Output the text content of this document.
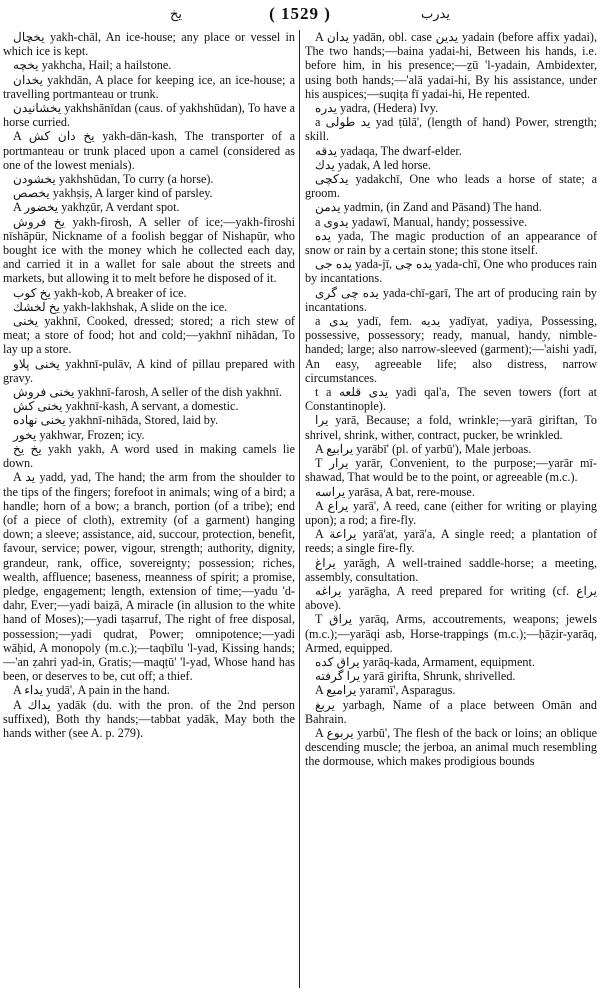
يخ	( 1529 )	يدرب

يخچال yakh-chāl, An ice-house; any place or vessel in which ice is kept.

يخچه yakhcha, Hail; a hailstone.

يخدان yakhdān, A place for keeping ice, an ice-house; a travelling portmanteau or trunk.

يخشانيدن yakhshānīdan (caus. of yakhshūdan), To have a horse curried.

A يخ دان كش yakh-dān-kash, The transporter of a portmanteau or trunk placed upon a camel (considered as one of the lowest menials).

يخشودن yakhshūdan, To curry (a horse).

يخصص yakhṣiṣ, A larger kind of parsley.

A يخضور yakhẓūr, A verdant spot.

يخ فروش yakh-firosh, A seller of ice;—yakh-firoshi nīshāpūr, Nickname of a foolish beggar of Nishapūr, who bought ice with the money which he collected each day, and carried it in a wallet for sale about the streets and markets, but allowing it to melt before he disposed of it.

يخ كوب yakh-kob, A breaker of ice.

يخ لخشك yakh-lakhshak, A slide on the ice.

يخنى yakhnī, Cooked, dressed; stored; a rich stew of meat; a store of food; hot and cold;—yakhnī nihādan, To lay up a store.

يخنى پلاو yakhnī-pulāv, A kind of pillau prepared with gravy.

يخنى فروش yakhnī-farosh, A seller of the dish yakhnī.

يخنى كش yakhnī-kash, A servant, a domestic.

يخنى نهاده yakhnī-nihāda, Stored, laid by.

يخور yakhwar, Frozen; icy.

يخ يخ yakh yakh, A word used in making camels lie down.

A يد yadd, yad, The hand; the arm from the shoulder to the tips of the fingers; forefoot in animals; wing of a bird; a handle; horn of a bow; a branch, portion (of a tribe); end (of a piece of cloth), extremity (of a garment) hanging down; a sleeve; assistance, aid, succour, protection, benefit, favour, service; power, vigour, strength; authority, dignity, grandeur, rank, office, sovereignty; possession; riches, wealth, affluence; baseness, meanness of spirit; a promise, pledge, engagement; length, extension of time;—yadu 'd-dahr, Ever;—yadi baiẓā, A miracle (in allusion to the white hand of Moses);—yadi taṣarruf, The right of free disposal, possession;—yadi qudrat, Power; omnipotence;—yadi wāḥid, A monopoly (m.c.);—taqbīlu 'l-yad, Kissing hands;—'an ẓahri yad-in, Gratis;—maqṭū' 'l-yad, Whose hand has been, or deserves to be, cut off; a thief.

A يداء yudā', A pain in the hand.

A يداك yadāk (du. with the pron. of the 2nd person suffixed), Both thy hands;—tabbat yadāk, May both the hands wither (see A. p. 279).

A يدان yadān, obl. case يدين yadain (before affix yadai), The two hands;—baina yadai-hi, Between his hands, i.e. before him, in his presence;—ẕū 'l-yadain, Ambidexter, using both hands;—'alā yadai-hi, By his assistance, under his auspices;—suqiṭa fī yadai-hi, He repented.

يدره yadra, (Hedera) Ivy.

a يد طولى yad ṭūlā', (length of hand) Power, strength; skill.

يدقه yadaqa, The dwarf-elder.

يدك yadak, A led horse.

يدكچى yadakchī, One who leads a horse of state; a groom.

يدمن yadmin, (in Zand and Pāsand) The hand.

a يدوى yadawī, Manual, handy; possessive.

يده yada, The magic production of an appearance of snow or rain by a certain stone; this stone itself.

يده جى yada-jī, يده چى yada-chī, One who produces rain by incantations.

يده چى گرى yada-chī-garī, The art of producing rain by incantations.

a يدى yadī, fem. يديه yadīyat, yadiya, Possessing, possessive, possessory; ready, manual, handy, nimble-handed; large; also narrow-sleeved (garment);—'aishi yadī, An easy, agreeable life; also distress, narrow circumstances.

t a يدى قلعه yadi qal'a, The seven towers (fort at Constantinople).

يرا yarā, Because; a fold, wrinkle;—yarā giriftan, To shrivel, shrink, wither, contract, pucker, be wrinkled.

A يرابيع yarābī' (pl. of yarbū'), Male jerboas.

T يرار yarār, Convenient, to the purpose;—yarār mī-shawad, That would be to the point, or agreeable (m.c.).

يراسه yarāsa, A bat, rere-mouse.

A يراع yarā', A reed, cane (either for writing or playing upon); a rod; a fire-fly.

A يراعة yarā'at, yarā'a, A single reed; a plantation of reeds; a single fire-fly.

يراغ yarāgh, A well-trained saddle-horse; a meeting, assembly, consultation.

يراغه yarāgha, A reed prepared for writing (cf. يراع above).

T يراق yarāq, Arms, accoutrements, weapons; jewels (m.c.);—yarāqi asb, Horse-trappings (m.c.);—ḥāẓir-yarāq, Armed, equipped.

يراق كده yarāq-kada, Armament, equipment.

يرا گرفته yarā girifta, Shrunk, shrivelled.

A يراميع yaramī', Asparagus.

يربغ yarbagh, Name of a place between Omān and Bahrain.

A يربوع yarbū', The flesh of the back or loins; an oblique descending muscle; the jerboa, an animal much resembling the dormouse, which makes prodigious bounds
